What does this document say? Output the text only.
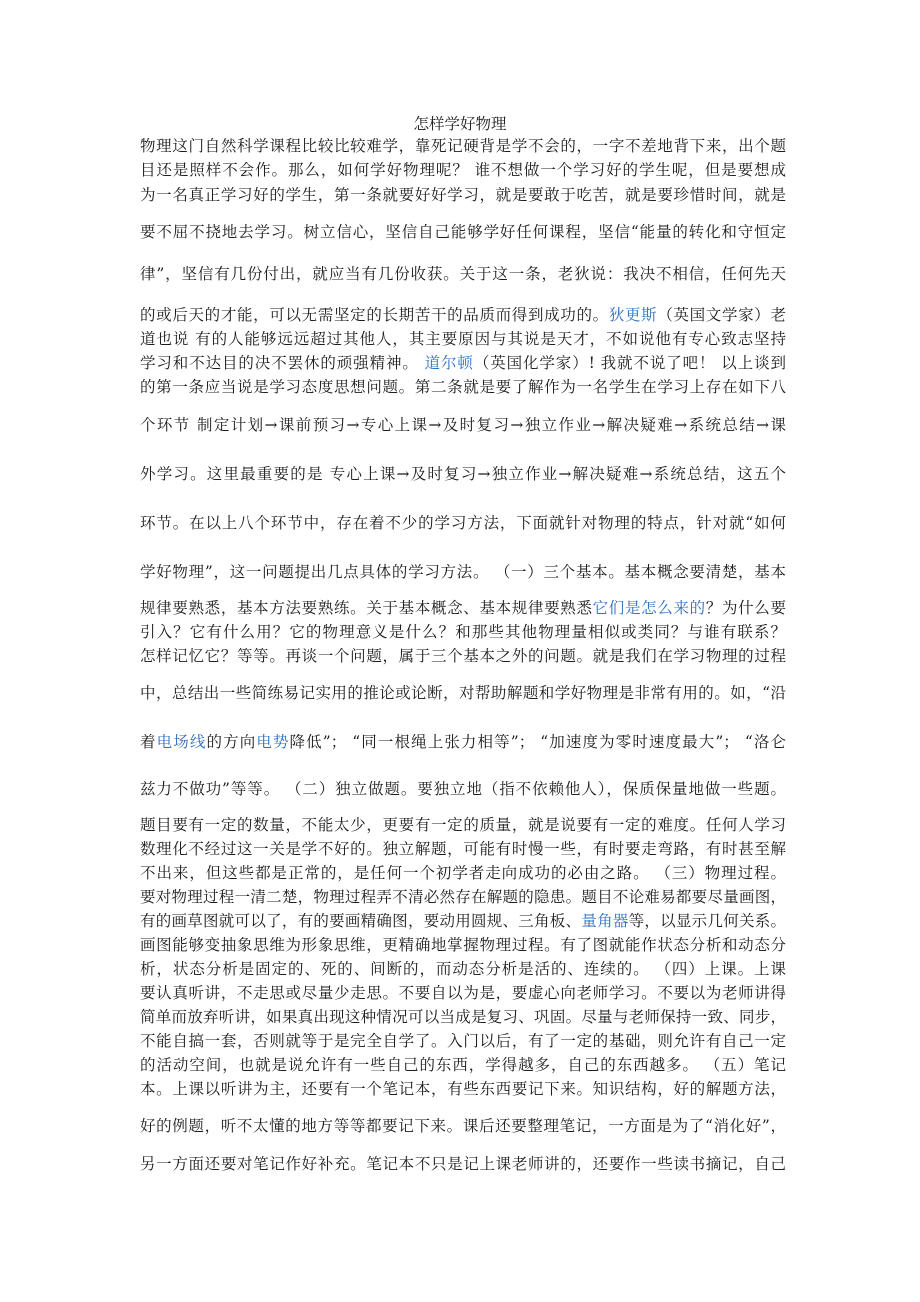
怎样学好物理
物理这门自然科学课程比较比较难学，靠死记硬背是学不会的，一字不差地背下来，出个题
目还是照样不会作。那么，如何学好物理呢？ 谁不想做一个学习好的学生呢，但是要想成
为一名真正学习好的学生，第一条就要好好学习，就是要敢于吃苦，就是要珍惜时间，就是
要不屈不挠地去学习。树立信心，坚信自己能够学好任何课程，坚信“能量的转化和守恒定
律”，坚信有几份付出，就应当有几份收获。关于这一条，老狄说：我决不相信，任何先天
的或后天的才能，可以无需坚定的长期苦干的品质而得到成功的。狄更斯（英国文学家）老
道也说 有的人能够远远超过其他人，其主要原因与其说是天才，不如说他有专心致志坚持
学习和不达目的决不罢休的顽强精神。 道尔顿（英国化学家）! 我就不说了吧！ 以上谈到
的第一条应当说是学习态度思想问题。第二条就是要了解作为一名学生在学习上存在如下八
个环节 制定计划→课前预习→专心上课→及时复习→独立作业→解决疑难→系统总结→课
外学习。这里最重要的是 专心上课→及时复习→独立作业→解决疑难→系统总结，这五个
环节。在以上八个环节中，存在着不少的学习方法，下面就针对物理的特点，针对就“如何
学好物理”，这一问题提出几点具体的学习方法。 （一）三个基本。基本概念要清楚，基本
规律要熟悉，基本方法要熟练。关于基本概念、基本规律要熟悉它们是怎么来的？为什么要
引入？它有什么用？它的物理意义是什么？和那些其他物理量相似或类同？与谁有联系？
怎样记忆它？等等。再谈一个问题，属于三个基本之外的问题。就是我们在学习物理的过程
中，总结出一些简练易记实用的推论或论断，对帮助解题和学好物理是非常有用的。如，“沿
着电场线的方向电势降低”； “同一根绳上张力相等”； “加速度为零时速度最大”； “洛仑
兹力不做功”等等。 （二）独立做题。要独立地（指不依赖他人），保质保量地做一些题。
题目要有一定的数量，不能太少，更要有一定的质量，就是说要有一定的难度。任何人学习
数理化不经过这一关是学不好的。独立解题，可能有时慢一些，有时要走弯路，有时甚至解
不出来，但这些都是正常的，是任何一个初学者走向成功的必由之路。 （三）物理过程。
要对物理过程一清二楚，物理过程弄不清必然存在解题的隐患。题目不论难易都要尽量画图，
有的画草图就可以了，有的要画精确图，要动用圆规、三角板、量角器等，以显示几何关系。
画图能够变抽象思维为形象思维，更精确地掌握物理过程。有了图就能作状态分析和动态分
析，状态分析是固定的、死的、间断的，而动态分析是活的、连续的。 （四）上课。上课
要认真听讲，不走思或尽量少走思。不要自以为是，要虚心向老师学习。不要以为老师讲得
简单而放弃听讲，如果真出现这种情况可以当成是复习、巩固。尽量与老师保持一致、同步，
不能自搞一套，否则就等于是完全自学了。入门以后，有了一定的基础，则允许有自己一定
的活动空间，也就是说允许有一些自己的东西，学得越多，自己的东西越多。 （五）笔记
本。上课以听讲为主，还要有一个笔记本，有些东西要记下来。知识结构，好的解题方法，
好的例题，听不太懂的地方等等都要记下来。课后还要整理笔记，一方面是为了“消化好”，
另一方面还要对笔记作好补充。笔记本不只是记上课老师讲的，还要作一些读书摘记，自己
